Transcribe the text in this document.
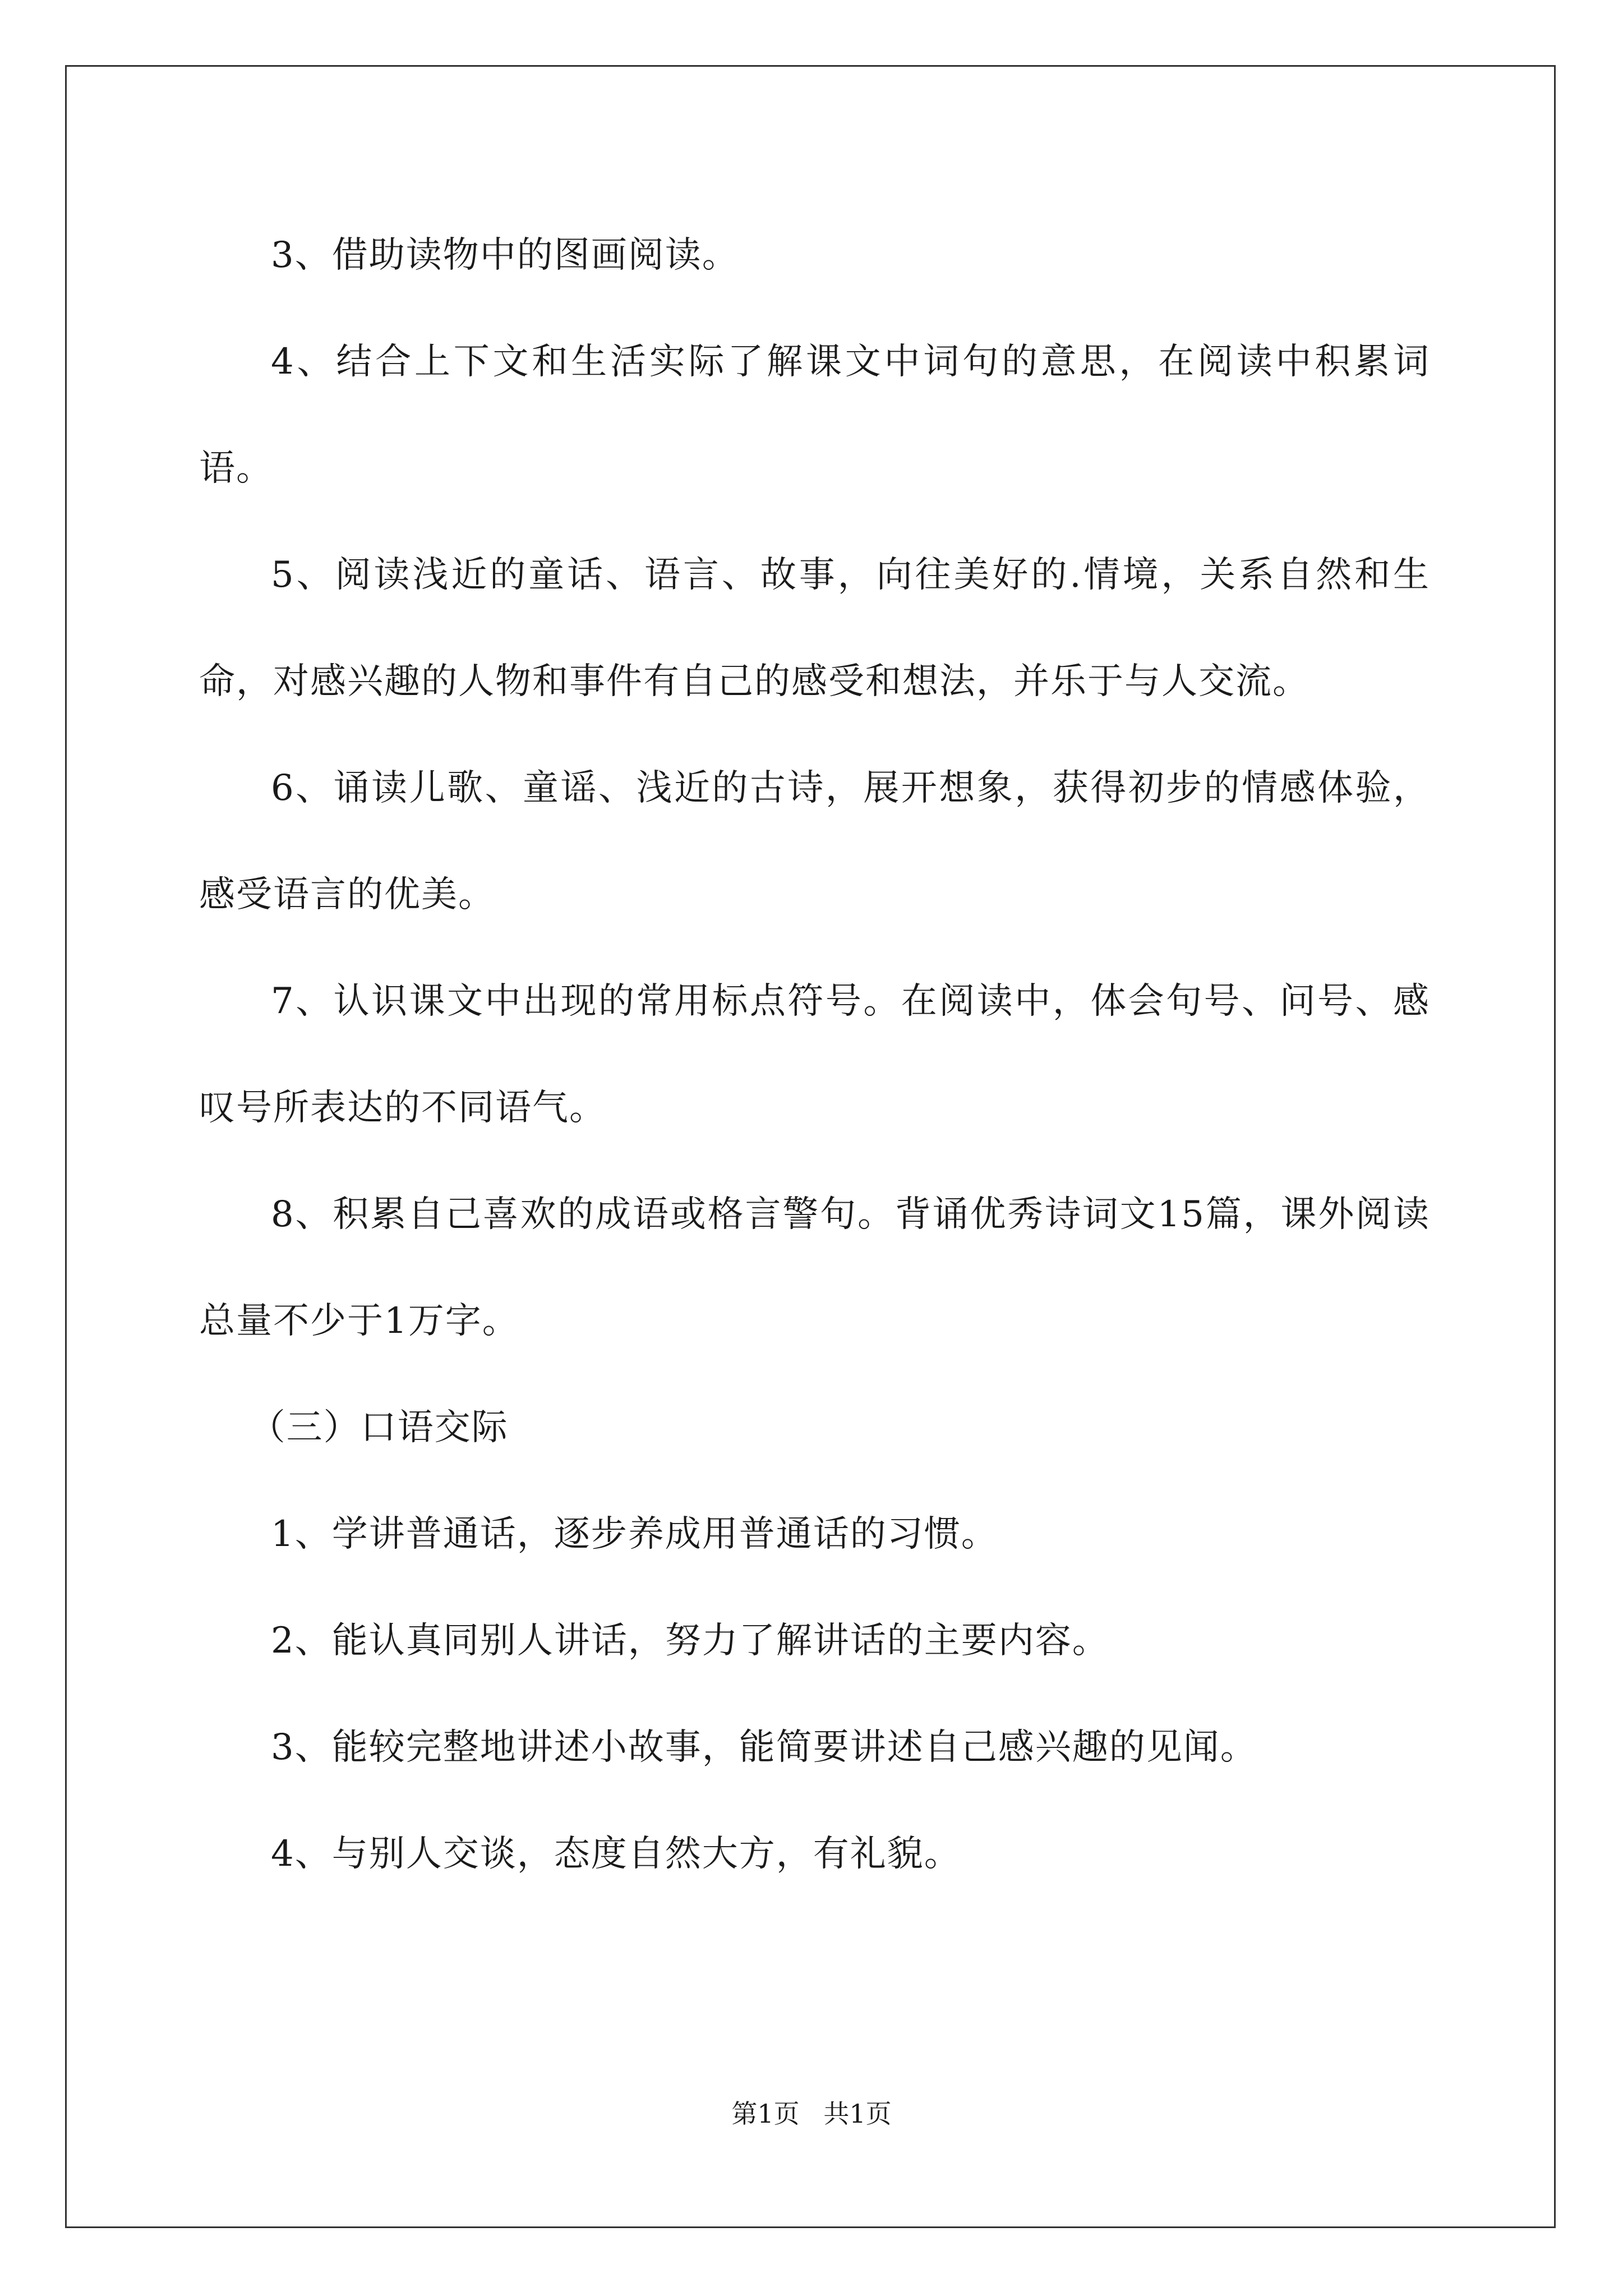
3、借助读物中的图画阅读。

4、结合上下文和生活实际了解课文中词句的意思，在阅读中积累词语。

5、阅读浅近的童话、语言、故事，向往美好的.情境，关系自然和生命，对感兴趣的人物和事件有自己的感受和想法，并乐于与人交流。

6、诵读儿歌、童谣、浅近的古诗，展开想象，获得初步的情感体验，感受语言的优美。

7、认识课文中出现的常用标点符号。在阅读中，体会句号、问号、感叹号所表达的不同语气。

8、积累自己喜欢的成语或格言警句。背诵优秀诗词文15篇，课外阅读总量不少于1万字。

（三）口语交际

1、学讲普通话，逐步养成用普通话的习惯。

2、能认真同别人讲话，努力了解讲话的主要内容。

3、能较完整地讲述小故事，能简要讲述自己感兴趣的见闻。

4、与别人交谈，态度自然大方，有礼貌。

第1页 共1页
